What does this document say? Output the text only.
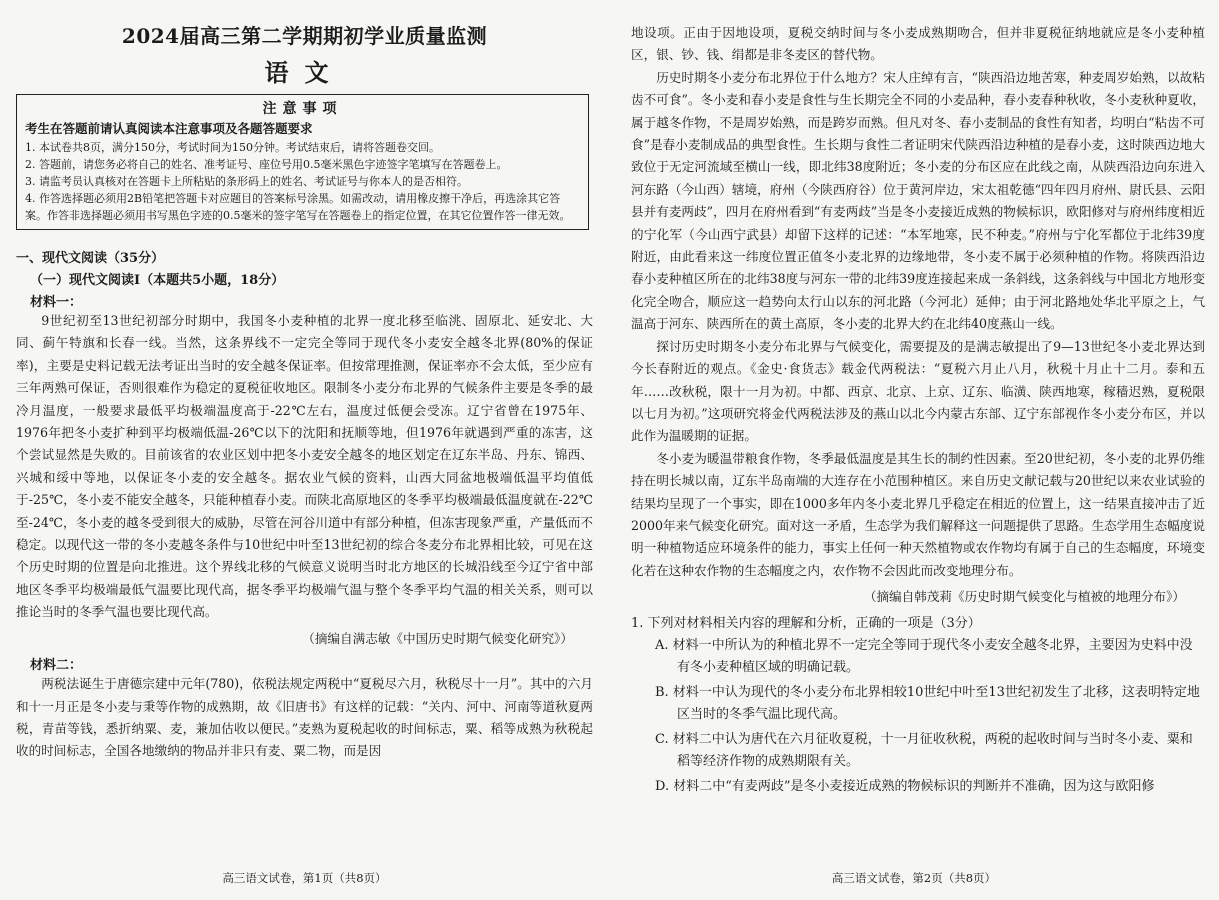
2024届高三第二学期期初学业质量监测
语文
注意事项
考生在答题前请认真阅读本注意事项及各题答题要求

1. 本试卷共8页，满分150分，考试时间为150分钟。考试结束后，请将答题卷交回。

2. 答题前，请您务必将自己的姓名、准考证号、座位号用0.5毫米黑色字迹签字笔填写在答题卷上。

3. 请监考员认真核对在答题卡上所粘贴的条形码上的姓名、考试证号与你本人的是否相符。

4. 作答选择题必须用2B铅笔把答题卡对应题目的答案标号涂黑。如需改动，请用橡皮擦干净后，再选涂其它答案。作答非选择题必须用书写黑色字迹的0.5毫米的签字笔写在答题卷上的指定位置，在其它位置作答一律无效。

一、现代文阅读（35分）
（一）现代文阅读Ⅰ（本题共5小题，18分）
材料一：

9世纪初至13世纪初部分时期中，我国冬小麦种植的北界一度北移至临洮、固原北、延安北、大同、蓟午特旗和长春一线。当然，这条界线不一定完全等同于现代冬小麦安全越冬北界(80%的保证率)，主要是史料记载无法考证出当时的安全越冬保证率。但按常理推测，保证率亦不会太低，至少应有三年两熟可保证，否则很难作为稳定的夏税征收地区。限制冬小麦分布北界的气候条件主要是冬季的最冷月温度，一般要求最低平均极端温度高于-22℃左右，温度过低便会受冻。辽宁省曾在1975年、1976年把冬小麦扩种到平均极端低温-26℃以下的沈阳和抚顺等地，但1976年就遇到严重的冻害，这个尝试显然是失败的。目前该省的农业区划中把冬小麦安全越冬的地区划定在辽东半岛、丹东、锦西、兴城和绥中等地，以保证冬小麦的安全越冬。据农业气候的资料，山西大同盆地极端低温平均值低于-25℃，冬小麦不能安全越冬，只能种植春小麦。而陕北高原地区的冬季平均极端最低温度就在-22℃至-24℃，冬小麦的越冬受到很大的威胁，尽管在河谷川道中有部分种植，但冻害现象严重，产量低而不稳定。以现代这一带的冬小麦越冬条件与10世纪中叶至13世纪初的综合冬麦分布北界相比较，可见在这个历史时期的位置是向北推进。这个界线北移的气候意义说明当时北方地区的长城沿线至今辽宁省中部地区冬季平均极端最低气温要比现代高，据冬季平均极端气温与整个冬季平均气温的相关关系，则可以推论当时的冬季气温也要比现代高。

（摘编自满志敏《中国历史时期气候变化研究》）
材料二：

两税法诞生于唐德宗建中元年(780)，依税法规定两税中“夏税尽六月，秋税尽十一月”。其中的六月和十一月正是冬小麦与秉等作物的成熟期，故《旧唐书》有这样的记载：“关内、河中、河南等道秋夏两税，青苗等钱，悉折纳粟、麦，兼加估收以便民。”麦熟为夏税起收的时间标志，粟、稻等成熟为秋税起收的时间标志，全国各地缴纳的物品并非只有麦、粟二物，而是因

高三语文试卷，第1页（共8页）

地设项。正由于因地设项，夏税交纳时间与冬小麦成熟期吻合，但并非夏税征纳地就应是冬小麦种植区，银、钞、钱、绢都是非冬麦区的替代物。

历史时期冬小麦分布北界位于什么地方？宋人庄绰有言，“陕西沿边地苦寒，种麦周岁始熟，以故粘齿不可食”。冬小麦和春小麦是食性与生长期完全不同的小麦品种，春小麦春种秋收，冬小麦秋种夏收，属于越冬作物，不是周岁始熟，而是跨岁而熟。但凡对冬、春小麦制品的食性有知者，均明白“粘齿不可食”是春小麦制成品的典型食性。生长期与食性二者证明宋代陕西沿边种植的是春小麦，这时陕西边地大致位于无定河流域至横山一线，即北纬38度附近；冬小麦的分布区应在此线之南，从陕西沿边向东进入河东路（今山西）辖境，府州（今陕西府谷）位于黄河岸边，宋太祖乾德“四年四月府州、尉氏县、云阳县并有麦两歧”，四月在府州看到“有麦两歧”当是冬小麦接近成熟的物候标识，欧阳修对与府州纬度相近的宁化军（今山西宁武县）却留下这样的记述：“本军地寒，民不种麦。”府州与宁化军都位于北纬39度附近，由此看来这一纬度位置正值冬小麦北界的边缘地带，冬小麦不属于必须种植的作物。将陕西沿边春小麦种植区所在的北纬38度与河东一带的北纬39度连接起来成一条斜线，这条斜线与中国北方地形变化完全吻合，顺应这一趋势向太行山以东的河北路（今河北）延伸；由于河北路地处华北平原之上，气温高于河东、陕西所在的黄土高原，冬小麦的北界大约在北纬40度燕山一线。

探讨历史时期冬小麦分布北界与气候变化，需要提及的是满志敏提出了9—13世纪冬小麦北界达到今长春附近的观点。《金史·食货志》载金代两税法：“夏税六月止八月，秋税十月止十二月。泰和五年……改秋税，限十一月为初。中都、西京、北京、上京、辽东、临潢、陕西地寒，稼穑迟熟，夏税限以七月为初。”这项研究将金代两税法涉及的燕山以北今内蒙古东部、辽宁东部视作冬小麦分布区，并以此作为温暖期的证据。

冬小麦为暖温带粮食作物，冬季最低温度是其生长的制约性因素。至20世纪初，冬小麦的北界仍维持在明长城以南，辽东半岛南端的大连存在小范围种植区。来自历史文献记载与20世纪以来农业试验的结果均呈现了一个事实，即在1000多年内冬小麦北界几乎稳定在相近的位置上，这一结果直接冲击了近2000年来气候变化研究。面对这一矛盾，生态学为我们解释这一问题提供了思路。生态学用生态幅度说明一种植物适应环境条件的能力，事实上任何一种天然植物或农作物均有属于自己的生态幅度，环境变化若在这种农作物的生态幅度之内，农作物不会因此而改变地理分布。

（摘编自韩茂莉《历史时期气候变化与植被的地理分布》）

1. 下列对材料相关内容的理解和分析，正确的一项是（3分）

A. 材料一中所认为的种植北界不一定完全等同于现代冬小麦安全越冬北界，主要因为史料中没有冬小麦种植区域的明确记载。

B. 材料一中认为现代的冬小麦分布北界相较10世纪中叶至13世纪初发生了北移，这表明特定地区当时的冬季气温比现代高。

C. 材料二中认为唐代在六月征收夏税，十一月征收秋税，两税的起收时间与当时冬小麦、粟和稻等经济作物的成熟期限有关。

D. 材料二中“有麦两歧”是冬小麦接近成熟的物候标识的判断并不准确，因为这与欧阳修

高三语文试卷，第2页（共8页）
